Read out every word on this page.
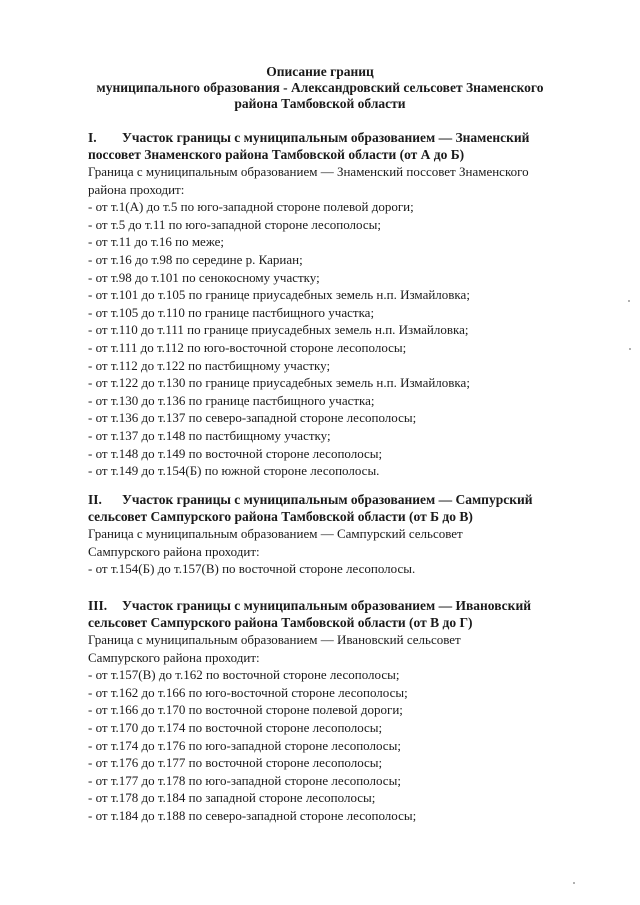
Описание границ
муниципального образования - Александровский сельсовет Знаменского
района Тамбовской области
I. Участок границы с муниципальным образованием — Знаменский
поссовет Знаменского района Тамбовской области (от А до Б)
Граница с муниципальным образованием — Знаменский поссовет Знаменского
района проходит:
- от т.1(А) до т.5 по юго-западной стороне полевой дороги;
- от т.5 до т.11 по юго-западной стороне лесополосы;
- от т.11 до т.16 по меже;
- от т.16 до т.98 по середине р. Кариан;
- от т.98 до т.101 по сенокосному участку;
- от т.101 до т.105 по границе приусадебных земель н.п. Измайловка;
- от т.105 до т.110 по границе пастбищного участка;
- от т.110 до т.111 по границе приусадебных земель н.п. Измайловка;
- от т.111 до т.112 по юго-восточной стороне лесополосы;
- от т.112 до т.122 по пастбищному участку;
- от т.122 до т.130 по границе приусадебных земель н.п. Измайловка;
- от т.130 до т.136 по границе пастбищного участка;
- от т.136 до т.137 по северо-западной стороне лесополосы;
- от т.137 до т.148 по пастбищному участку;
- от т.148 до т.149 по восточной стороне лесополосы;
- от т.149 до т.154(Б) по южной стороне лесополосы.
II. Участок границы с муниципальным образованием — Сампурский
сельсовет Сампурского района Тамбовской области (от Б до В)
Граница с муниципальным образованием — Сампурский сельсовет
Сампурского района проходит:
- от т.154(Б) до т.157(В) по восточной стороне лесополосы.
III. Участок границы с муниципальным образованием — Ивановский
сельсовет Сампурского района Тамбовской области (от В до Г)
Граница с муниципальным образованием — Ивановский сельсовет
Сампурского района проходит:
- от т.157(В) до т.162 по восточной стороне лесополосы;
- от т.162 до т.166 по юго-восточной стороне лесополосы;
- от т.166 до т.170 по восточной стороне полевой дороги;
- от т.170 до т.174 по восточной стороне лесополосы;
- от т.174 до т.176 по юго-западной стороне лесополосы;
- от т.176 до т.177 по восточной стороне лесополосы;
- от т.177 до т.178 по юго-западной стороне лесополосы;
- от т.178 до т.184 по западной стороне лесополосы;
- от т.184 до т.188 по северо-западной стороне лесополосы;
